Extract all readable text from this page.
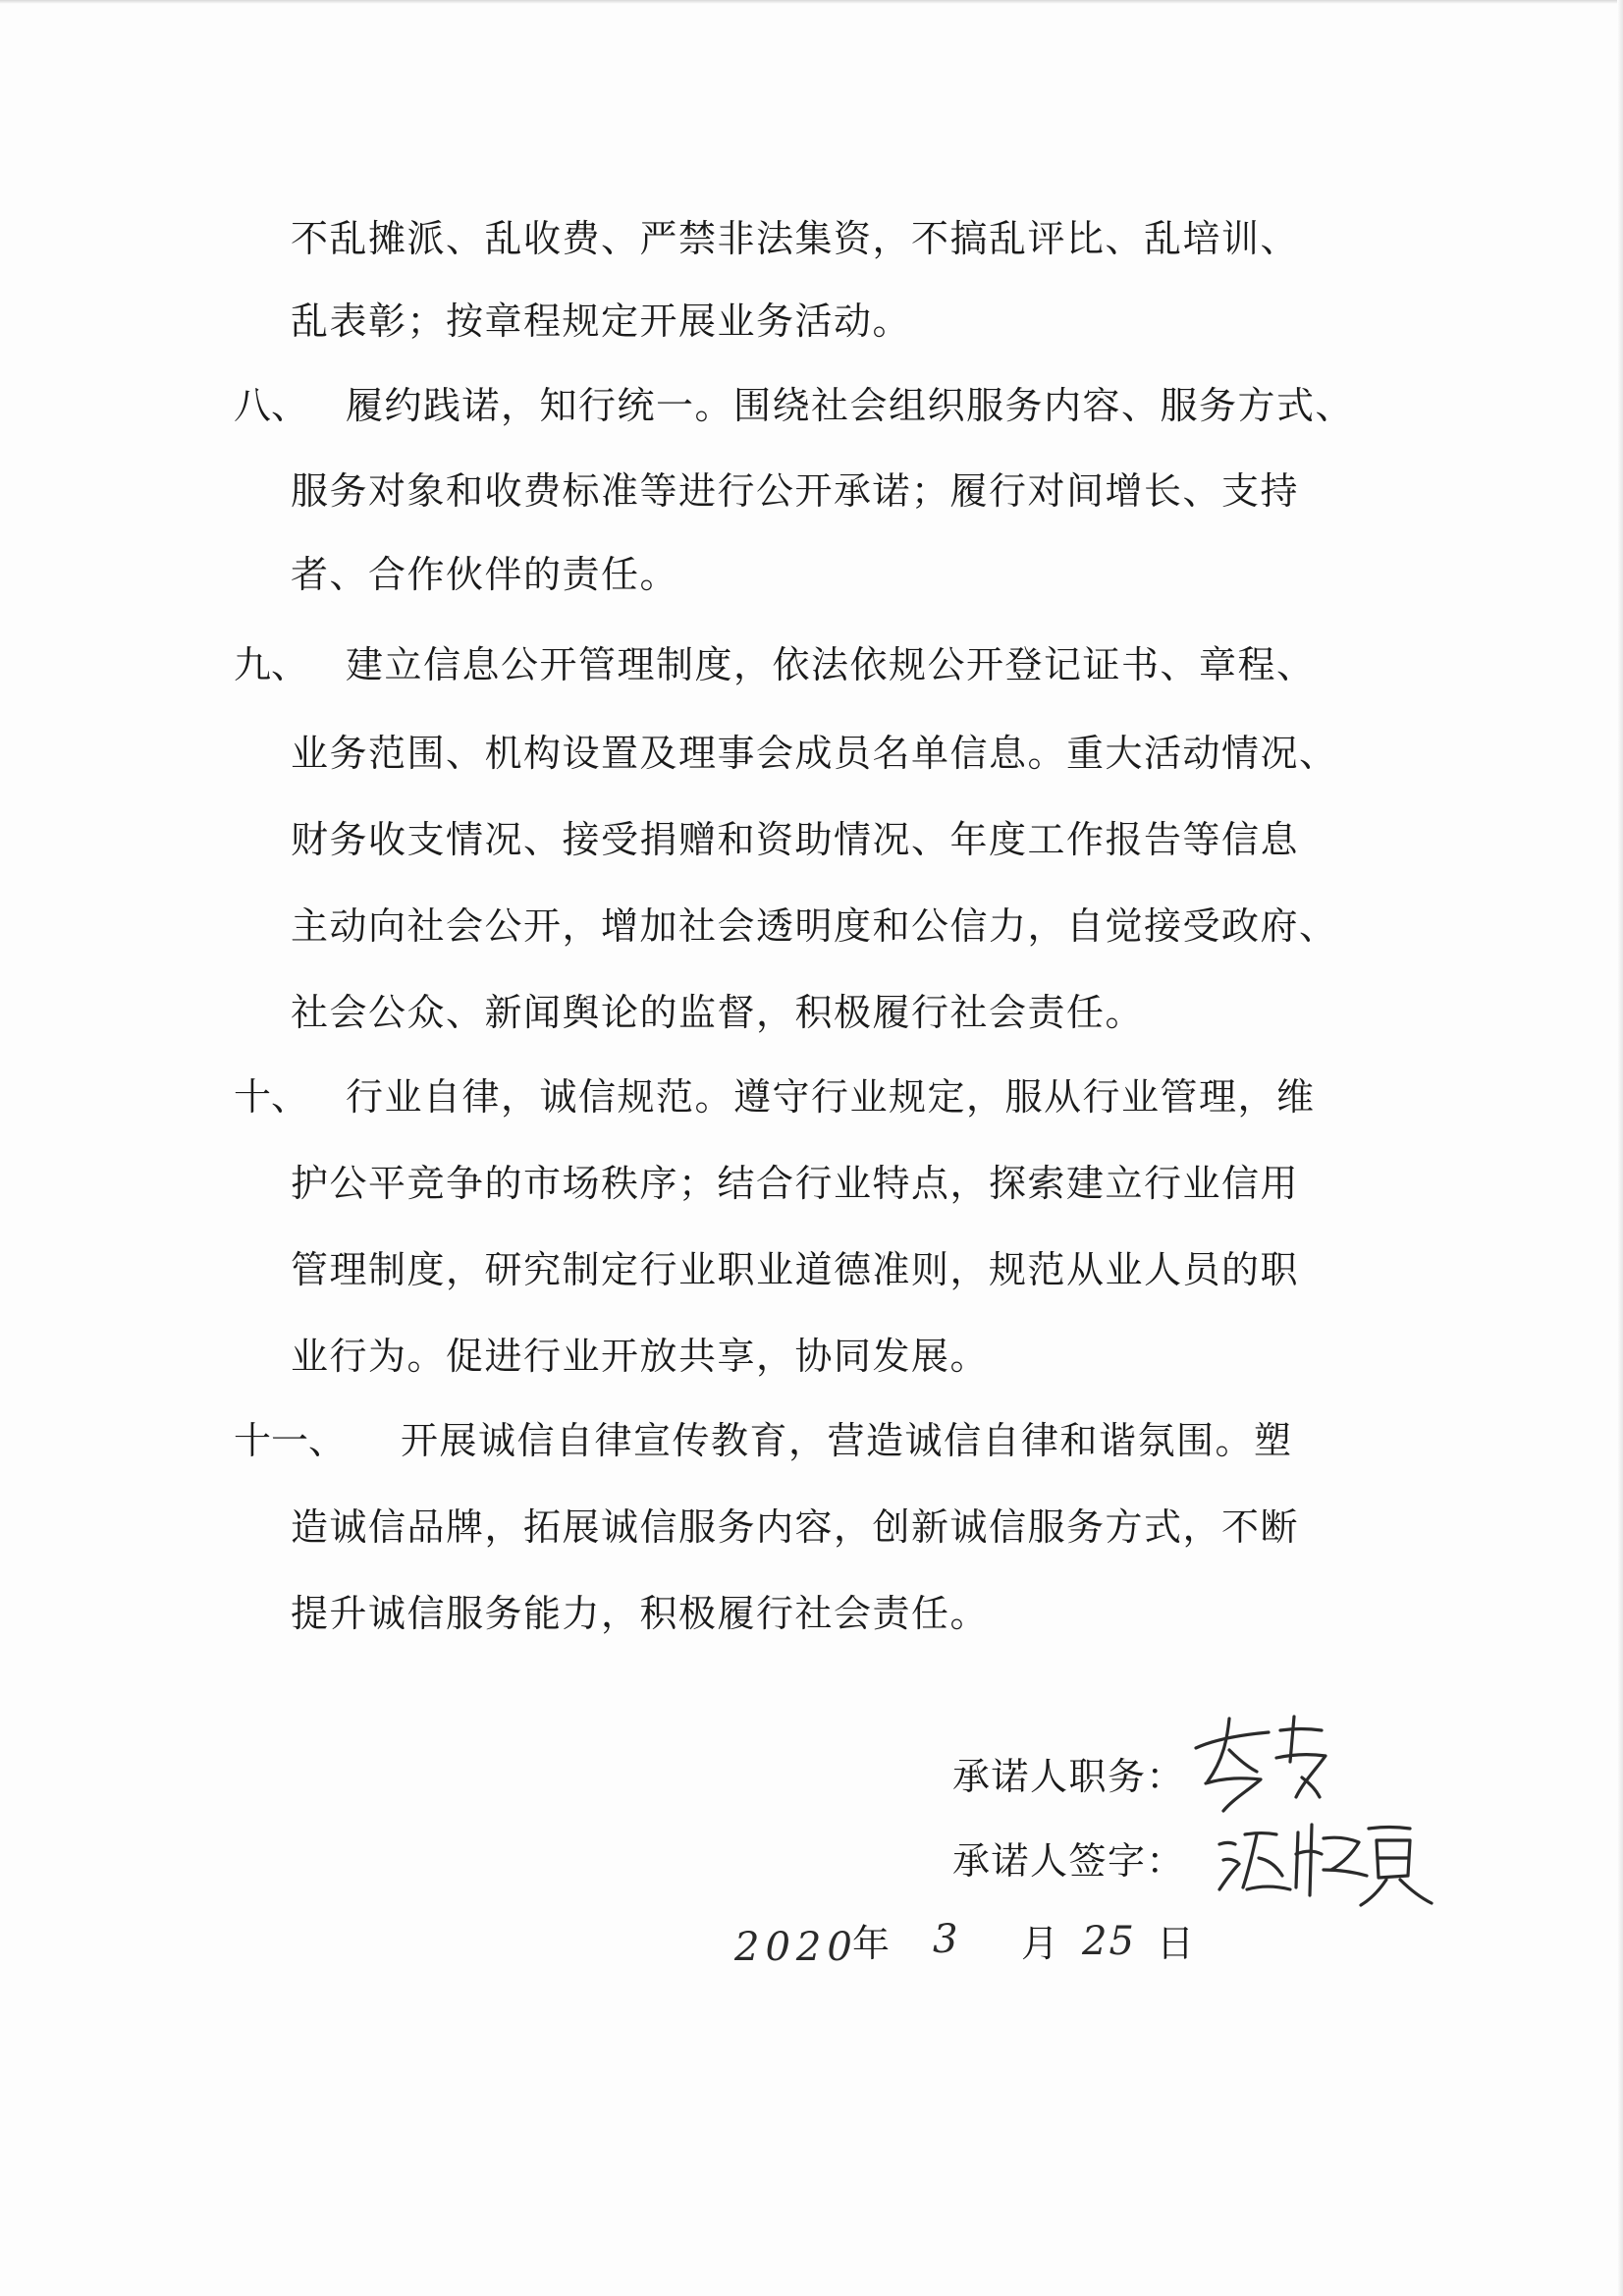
不乱摊派、乱收费、严禁非法集资，不搞乱评比、乱培训、
乱表彰；按章程规定开展业务活动。
八、 履约践诺，知行统一。围绕社会组织服务内容、服务方式、
服务对象和收费标准等进行公开承诺；履行对间增长、支持
者、合作伙伴的责任。
九、 建立信息公开管理制度，依法依规公开登记证书、章程、
业务范围、机构设置及理事会成员名单信息。重大活动情况、
财务收支情况、接受捐赠和资助情况、年度工作报告等信息
主动向社会公开，增加社会透明度和公信力，自觉接受政府、
社会公众、新闻舆论的监督，积极履行社会责任。
十、 行业自律，诚信规范。遵守行业规定，服从行业管理，维
护公平竞争的市场秩序；结合行业特点，探索建立行业信用
管理制度，研究制定行业职业道德准则，规范从业人员的职
业行为。促进行业开放共享，协同发展。
十一、 开展诚信自律宣传教育，营造诚信自律和谐氛围。塑
造诚信品牌，拓展诚信服务内容，创新诚信服务方式，不断
提升诚信服务能力，积极履行社会责任。
承诺人职务：
承诺人签字：
2020
年 3 月 25 日
